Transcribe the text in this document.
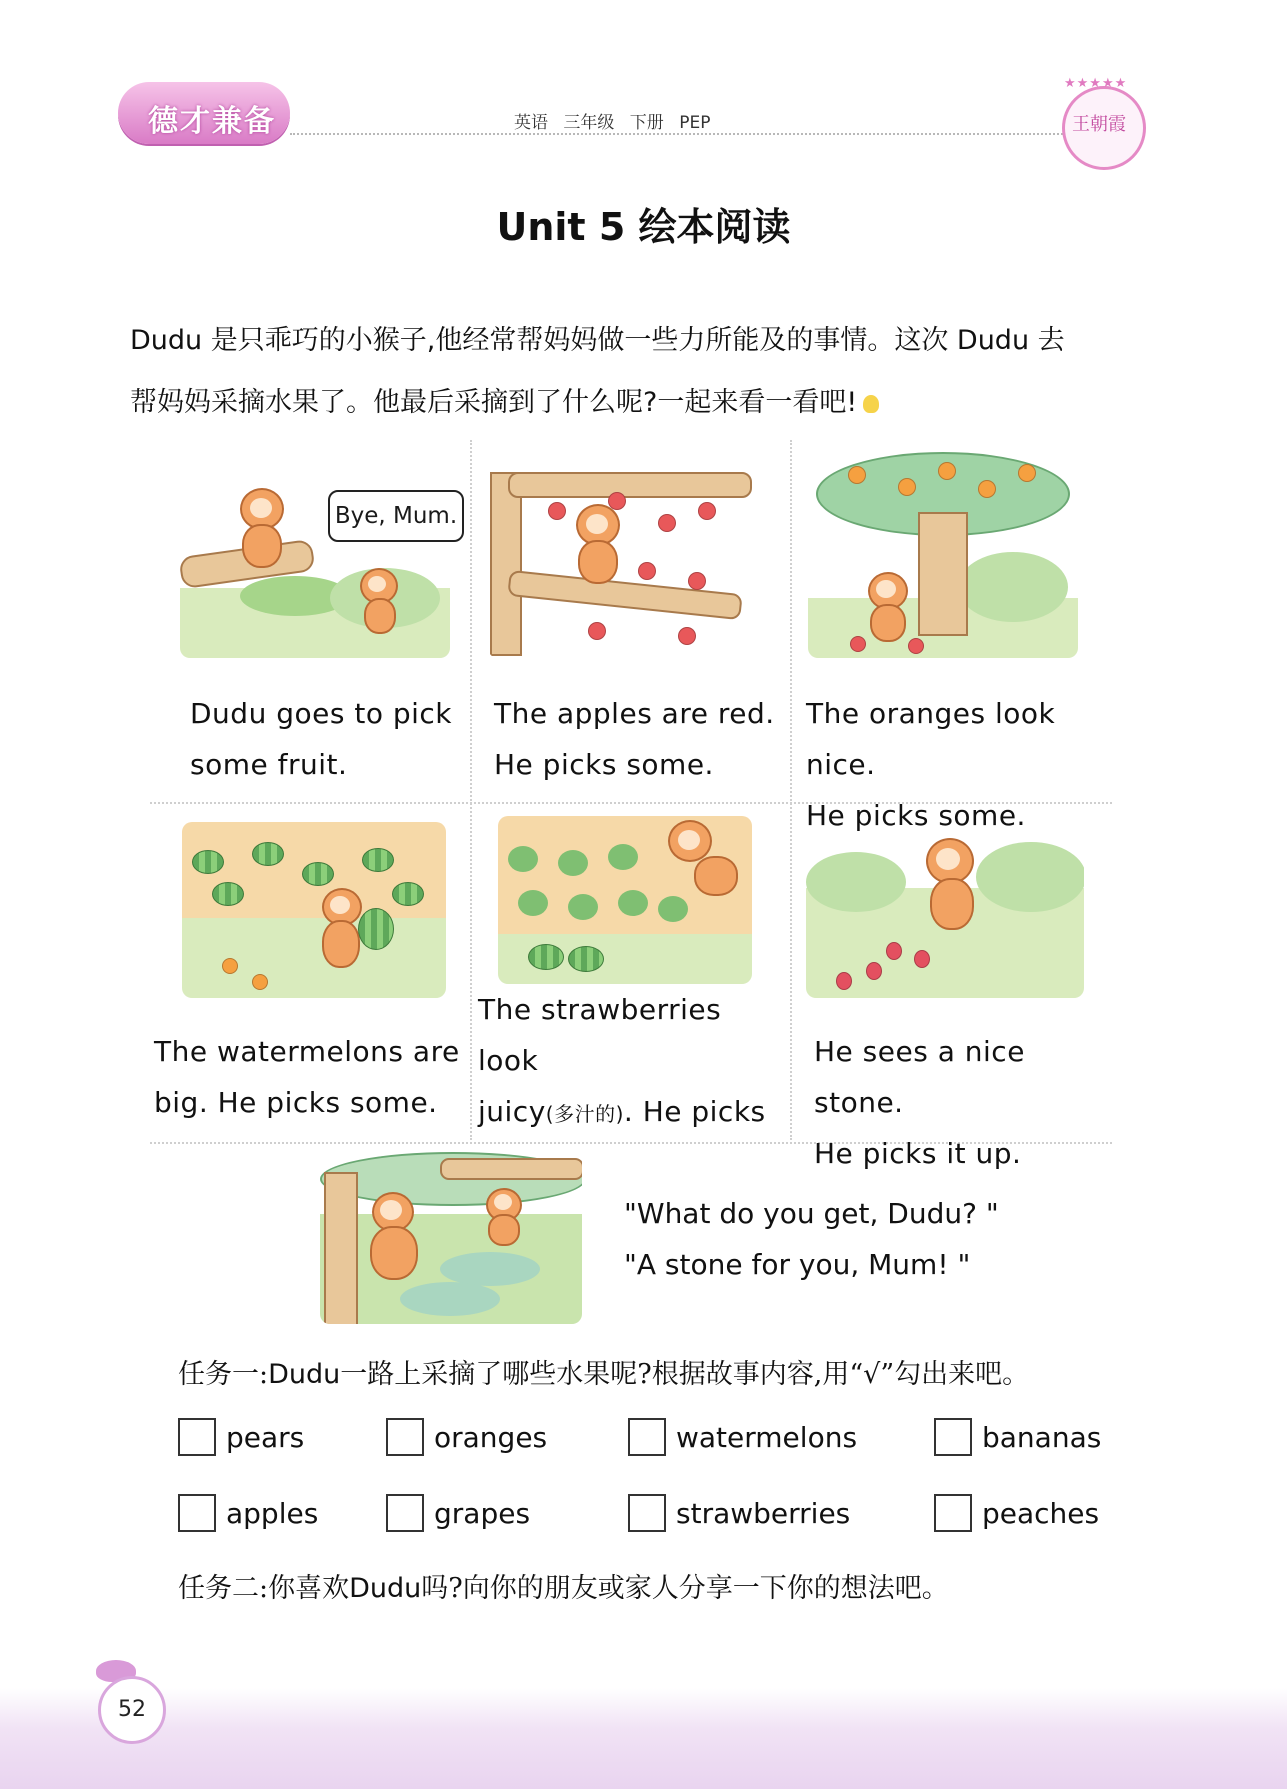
德才兼备	英语 三年级 下册 PEP
★★★★★
王朝霞
Unit 5 绘本阅读
Dudu 是只乖巧的小猴子,他经常帮妈妈做一些力所能及的事情。这次 Dudu 去
帮妈妈采摘水果了。他最后采摘到了什么呢?一起来看一看吧!
Bye, Mum.
Dudu goes to pick
some fruit.
The apples are red.
He picks some.
The oranges look nice.
He picks some.
The watermelons are
big. He picks some.
The strawberries look
juicy(多汁的). He picks
He sees a nice stone.
He picks it up.
"What do you get, Dudu? "
"A stone for you, Mum! "
任务一:Dudu一路上采摘了哪些水果呢?根据故事内容,用“√”勾出来吧。
pears	oranges	watermelons	bananas
apples	grapes	strawberries	peaches
任务二:你喜欢Dudu吗?向你的朋友或家人分享一下你的想法吧。
52
